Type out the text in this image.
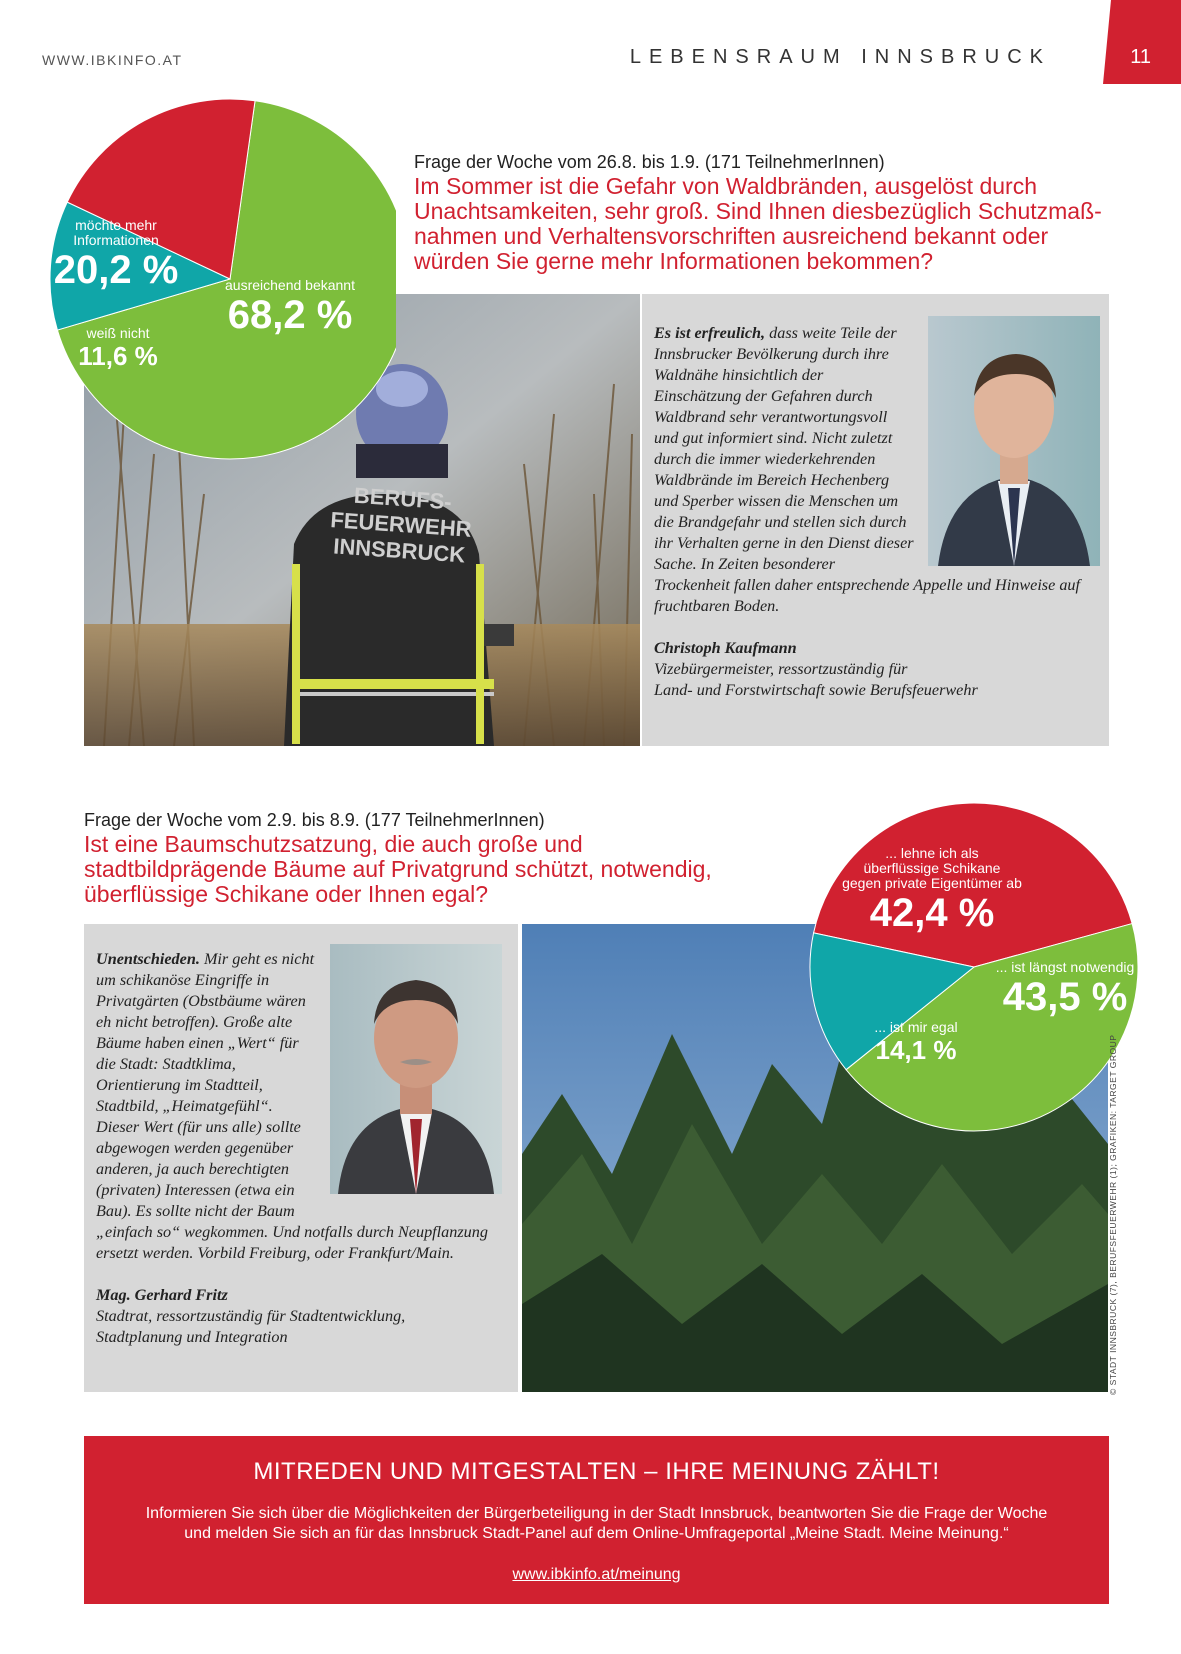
WWW.IBKINFO.AT	LEBENSRAUM INNSBRUCK	11
BERUFS-
FEUERWEHR
INNSBRUCK
möchte mehr
Informationen
20,2 %	ausreichend bekannt
68,2 %
weiß nicht
11,6 %
Frage der Woche vom 26.8. bis 1.9. (171 TeilnehmerInnen)
Im Sommer ist die Gefahr von Waldbränden, ausgelöst durch
Unachtsamkeiten, sehr groß. Sind Ihnen diesbezüglich Schutzmaß-
nahmen und Verhaltensvorschriften ausreichend bekannt oder
würden Sie gerne mehr Informationen bekommen?

Es ist erfreulich, dass weite Teile der Innsbrucker Bevölkerung durch ihre Waldnähe hinsichtlich der Einschätzung der Gefahren durch Waldbrand sehr verantwortungsvoll und gut informiert sind. Nicht zuletzt durch die immer wiederkehrenden Waldbrände im Bereich Hechenberg und Sperber wissen die Menschen um die Brandgefahr und stellen sich durch ihr Verhalten gerne in den Dienst dieser Sache. In Zeiten besonderer Trockenheit fallen daher entsprechende Appelle und Hinweise auf fruchtbaren Boden.

Christoph Kaufmann
Vizebürgermeister, ressortzuständig für
Land- und Forstwirtschaft sowie Berufsfeuerwehr

Frage der Woche vom 2.9. bis 8.9. (177 TeilnehmerInnen)
Ist eine Baumschutzsatzung, die auch große und
stadtbildprägende Bäume auf Privatgrund schützt, notwendig,
überflüssige Schikane oder Ihnen egal?

Unentschieden. Mir geht es nicht um schikanöse Eingriffe in Privatgärten (Obstbäume wären eh nicht betroffen). Große alte Bäume haben einen „Wert“ für die Stadt: Stadtklima, Orientierung im Stadtteil, Stadtbild, „Heimatgefühl“. Dieser Wert (für uns alle) sollte abgewogen werden gegenüber anderen, ja auch berechtigten (privaten) Interessen (etwa ein Bau). Es sollte nicht der Baum „einfach so“ wegkommen. Und notfalls durch Neupflanzung ersetzt werden. Vorbild Freiburg, oder Frankfurt/Main.

Mag. Gerhard Fritz
Stadtrat, ressortzuständig für Stadtentwicklung,
Stadtplanung und Integration

... lehne ich als
überflüssige Schikane
gegen private Eigentümer ab
42,4 %
... ist längst notwendig
43,5 %
... ist mir egal
14,1 %	© STADT INNSBRUCK (7), BERUFSFEUERWEHR (1); GRAFIKEN: TARGET GROUP
MITREDEN UND MITGESTALTEN – IHRE MEINUNG ZÄHLT!
Informieren Sie sich über die Möglichkeiten der Bürgerbeteiligung in der Stadt Innsbruck, beantworten Sie die Frage der Woche
und melden Sie sich an für das Innsbruck Stadt-Panel auf dem Online-Umfrageportal „Meine Stadt. Meine Meinung.“
www.ibkinfo.at/meinung
